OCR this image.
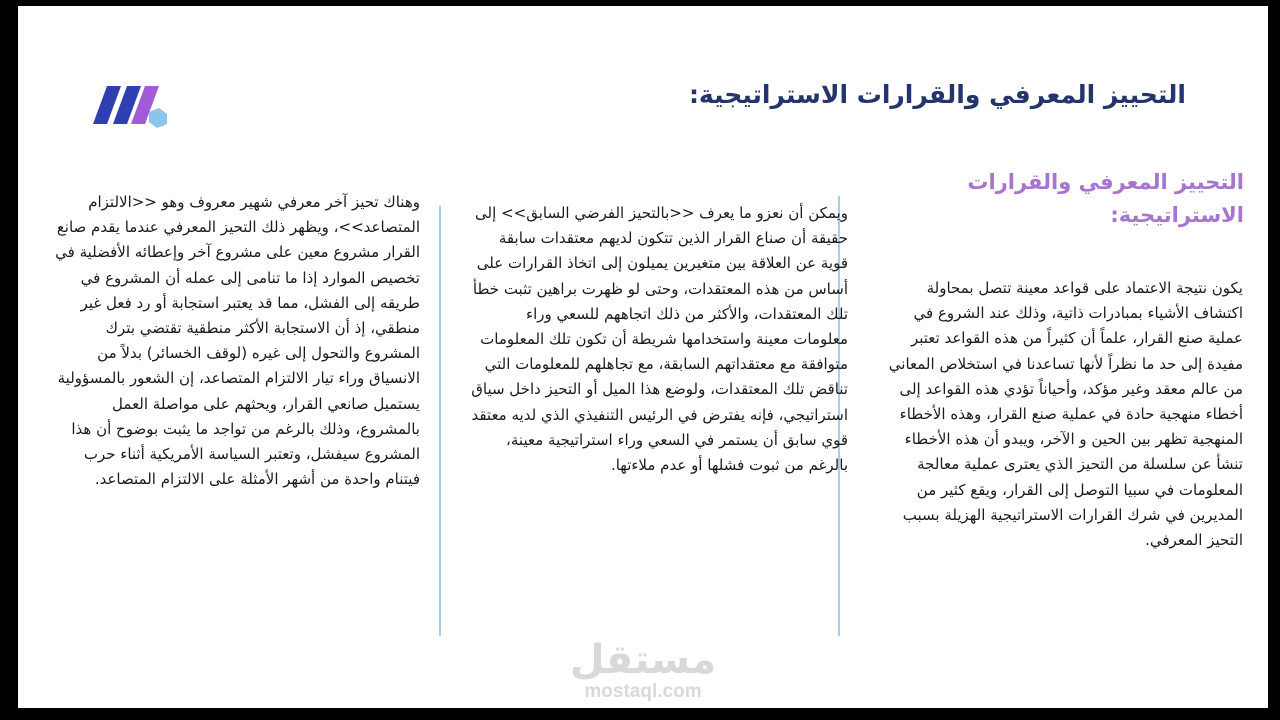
التحييز المعرفي والقرارات الاستراتيجية:
التحييز المعرفي والقرارات الاستراتيجية:

يكون نتيجة الاعتماد على قواعد معينة تتصل بمحاولة اكتشاف الأشياء بمبادرات ذاتية، وذلك عند الشروع في عملية صنع القرار، علماً أن كثيراً من هذه القواعد تعتبر مفيدة إلى حد ما نظراً لأنها تساعدنا في استخلاص المعاني من عالم معقد وغير مؤكد، وأحياناً تؤدي هذه القواعد إلى أخطاء منهجية حادة في عملية صنع القرار، وهذه الأخطاء المنهجية تظهر بين الحين و الآخر، ويبدو أن هذه الأخطاء تنشأ عن سلسلة من التحيز الذي يعترى عملية معالجة المعلومات في سبيا التوصل إلى القرار، ويقع كثير من المديرين في شرك القرارات الاستراتيجية الهزيلة بسبب التحيز المعرفي.

ويمكن أن نعزو ما يعرف <<بالتحيز الفرضي السابق>> إلى حقيقة أن صناع القرار الذين تتكون لديهم معتقدات سابقة قوية عن العلاقة بين متغيرين يميلون إلى اتخاذ القرارات على أساس من هذه المعتقدات، وحتى لو ظهرت براهين تثبت خطأ تلك المعتقدات، والأكثر من ذلك اتجاههم للسعي وراء معلومات معينة واستخدامها شريطة أن تكون تلك المعلومات متوافقة مع معتقداتهم السابقة، مع تجاهلهم للمعلومات التي تناقض تلك المعتقدات، ولوضع هذا الميل أو التحيز داخل سياق استراتيجي، فإنه يفترض في الرئيس التنفيذي الذي لديه معتقد قوي سابق أن يستمر في السعي وراء استراتيجية معينة، بالرغم من ثبوت فشلها أو عدم ملاءتها.

وهناك تحيز آخر معرفي شهير معروف وهو <<الالتزام المتصاعد>>، ويظهر ذلك التحيز المعرفي عندما يقدم صانع القرار مشروع معين على مشروع آخر وإعطائه الأفضلية في تخصيص الموارد إذا ما تنامى إلى عمله أن المشروع في طريقه إلى الفشل، مما قد يعتبر استجابة أو رد فعل غير منطقي، إذ أن الاستجابة الأكثر منطقية تقتضي بترك المشروع والتحول إلى غيره (لوقف الخسائر) بدلاً من الانسياق وراء تيار الالتزام المتصاعد، إن الشعور بالمسؤولية يستميل صانعي القرار، ويحثهم على مواصلة العمل بالمشروع، وذلك بالرغم من تواجد ما يثبت بوضوح أن هذا المشروع سيفشل، وتعتبر السياسة الأمريكية أثناء حرب فيتنام واحدة من أشهر الأمثلة على الالتزام المتصاعد.

مستقل
mostaql.com
